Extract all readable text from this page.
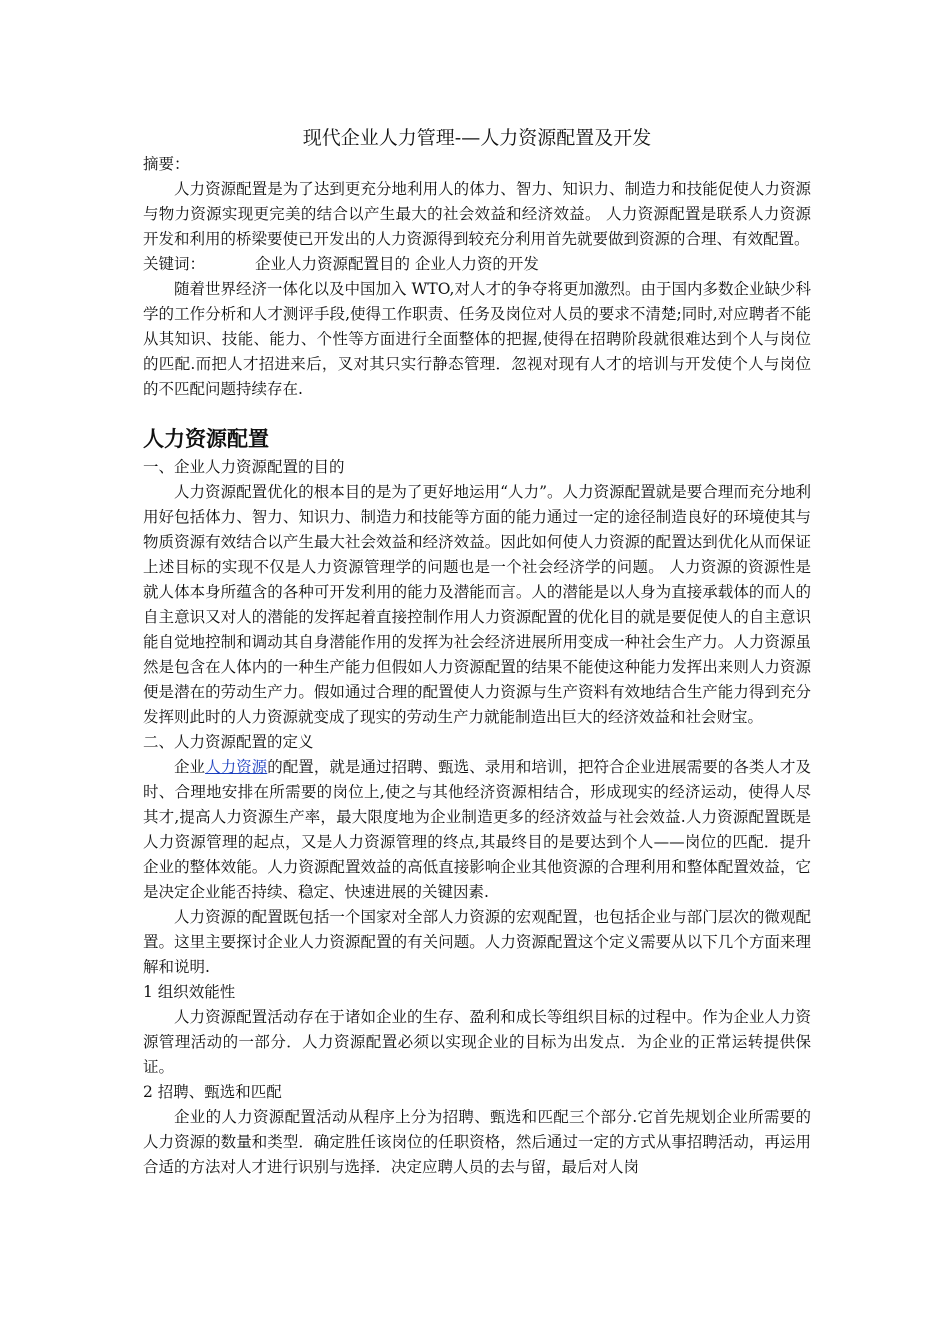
现代企业人力管理-—人力资源配置及开发

摘要：

人力资源配置是为了达到更充分地利用人的体力、智力、知识力、制造力和技能促使人力资源与物力资源实现更完美的结合以产生最大的社会效益和经济效益。 人力资源配置是联系人力资源开发和利用的桥梁要使已开发出的人力资源得到较充分利用首先就要做到资源的合理、有效配置。

关键词：	企业人力资源配置目的 企业人力资的开发

随着世界经济一体化以及中国加入 WTO,对人才的争夺将更加激烈。由于国内多数企业缺少科学的工作分析和人才测评手段,使得工作职责、任务及岗位对人员的要求不清楚;同时,对应聘者不能从其知识、技能、能力、个性等方面进行全面整体的把握,使得在招聘阶段就很难达到个人与岗位的匹配.而把人才招进来后，叉对其只实行静态管理．忽视对现有人才的培训与开发使个人与岗位的不匹配问题持续存在.

人力资源配置

一、企业人力资源配置的目的

人力资源配置优化的根本目的是为了更好地运用“人力”。人力资源配置就是要合理而充分地利用好包括体力、智力、知识力、制造力和技能等方面的能力通过一定的途径制造良好的环境使其与物质资源有效结合以产生最大社会效益和经济效益。因此如何使人力资源的配置达到优化从而保证上述目标的实现不仅是人力资源管理学的问题也是一个社会经济学的问题。 人力资源的资源性是就人体本身所蕴含的各种可开发利用的能力及潜能而言。人的潜能是以人身为直接承载体的而人的自主意识又对人的潜能的发挥起着直接控制作用人力资源配置的优化目的就是要促使人的自主意识能自觉地控制和调动其自身潜能作用的发挥为社会经济进展所用变成一种社会生产力。人力资源虽然是包含在人体内的一种生产能力但假如人力资源配置的结果不能使这种能力发挥出来则人力资源便是潜在的劳动生产力。假如通过合理的配置使人力资源与生产资料有效地结合生产能力得到充分发挥则此时的人力资源就变成了现实的劳动生产力就能制造出巨大的经济效益和社会财宝。

二、人力资源配置的定义

企业人力资源的配置，就是通过招聘、甄选、录用和培训，把符合企业进展需要的各类人才及时、合理地安排在所需要的岗位上,使之与其他经济资源相结合，形成现实的经济运动，使得人尽其才,提高人力资源生产率，最大限度地为企业制造更多的经济效益与社会效益.人力资源配置既是人力资源管理的起点，又是人力资源管理的终点,其最终目的是要达到个人——岗位的匹配．提升企业的整体效能。人力资源配置效益的高低直接影响企业其他资源的合理利用和整体配置效益，它是决定企业能否持续、稳定、快速进展的关键因素.

人力资源的配置既包括一个国家对全部人力资源的宏观配置，也包括企业与部门层次的微观配置。这里主要探讨企业人力资源配置的有关问题。人力资源配置这个定义需要从以下几个方面来理解和说明.

1 组织效能性

人力资源配置活动存在于诸如企业的生存、盈利和成长等组织目标的过程中。作为企业人力资源管理活动的一部分．人力资源配置必须以实现企业的目标为出发点．为企业的正常运转提供保证。

2 招聘、甄选和匹配

企业的人力资源配置活动从程序上分为招聘、甄选和匹配三个部分.它首先规划企业所需要的人力资源的数量和类型．确定胜任该岗位的任职资格，然后通过一定的方式从事招聘活动，再运用合适的方法对人才进行识别与选择．决定应聘人员的去与留，最后对人岗
